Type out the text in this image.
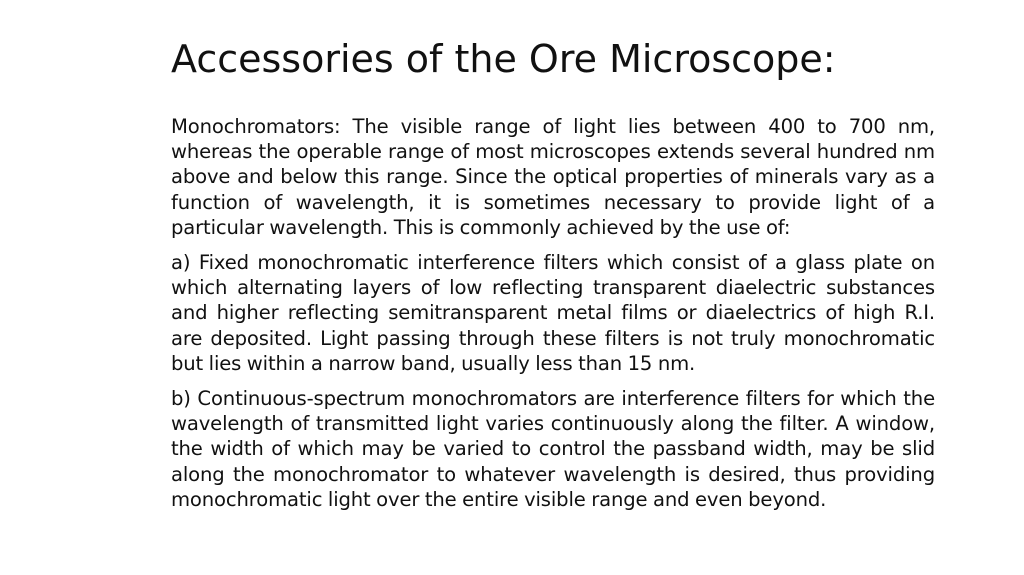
Accessories of the Ore Microscope:

Monochromators: The visible range of light lies between 400 to 700 nm, whereas the operable range of most microscopes extends several hundred nm above and below this range. Since the optical properties of minerals vary as a function of wavelength, it is sometimes necessary to provide light of a particular wavelength. This is commonly achieved by the use of:

a) Fixed monochromatic interference filters which consist of a glass plate on which alternating layers of low reflecting transparent diaelectric substances and higher reflecting semitransparent metal films or diaelectrics of high R.I. are deposited. Light passing through these filters is not truly monochromatic but lies within a narrow band, usually less than 15 nm.

b) Continuous-spectrum monochromators are interference filters for which the wavelength of transmitted light varies continuously along the filter. A window, the width of which may be varied to control the passband width, may be slid along the monochromator to whatever wavelength is desired, thus providing monochromatic light over the entire visible range and even beyond.
